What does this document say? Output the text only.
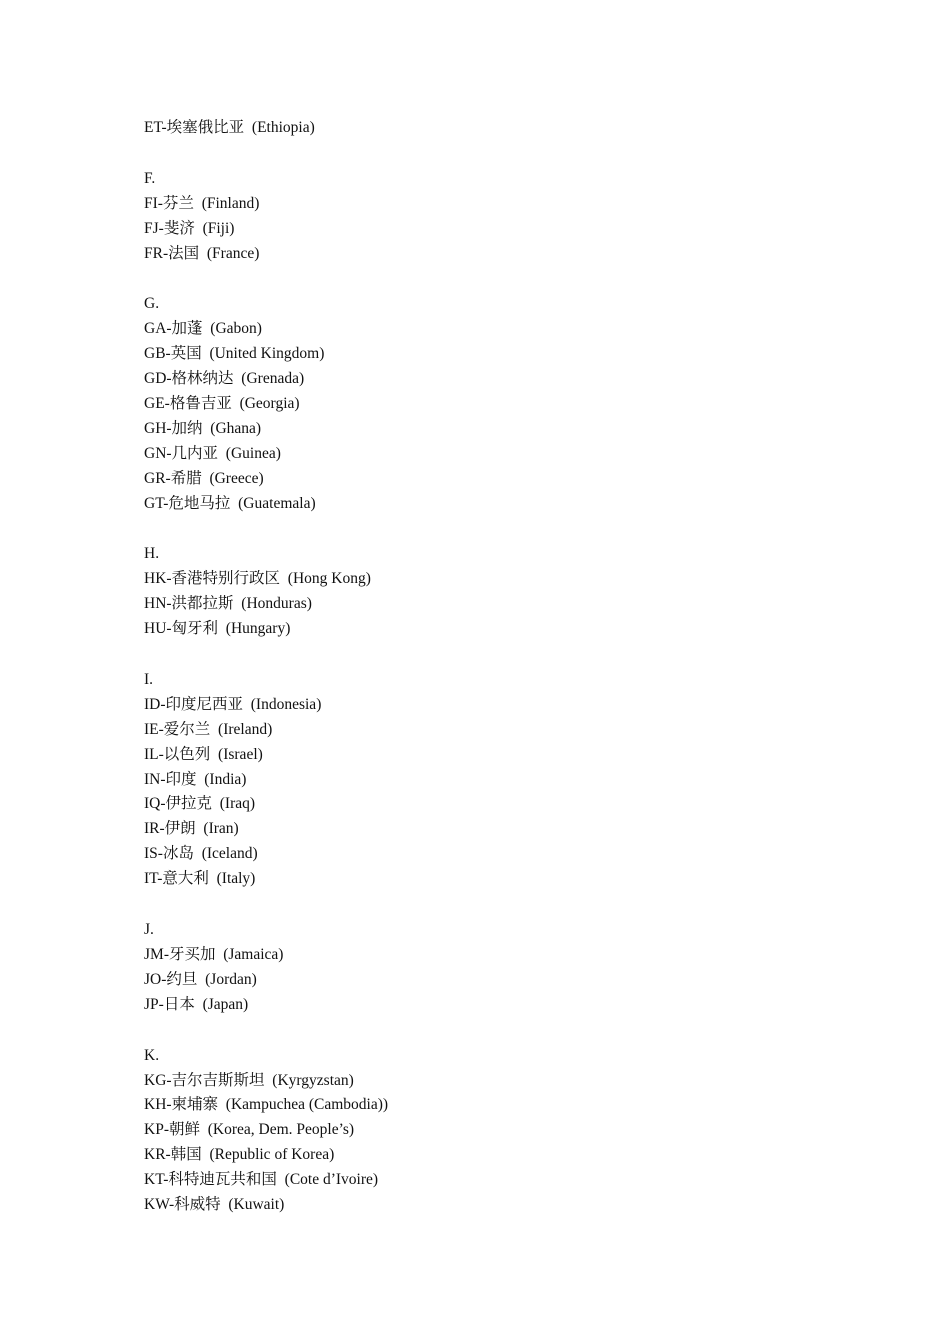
ET-埃塞俄比亚  (Ethiopia)
F.
FI-芬兰  (Finland)
FJ-斐济  (Fiji)
FR-法国  (France)
G.
GA-加蓬  (Gabon)
GB-英国  (United Kingdom)
GD-格林纳达  (Grenada)
GE-格鲁吉亚  (Georgia)
GH-加纳  (Ghana)
GN-几内亚  (Guinea)
GR-希腊  (Greece)
GT-危地马拉  (Guatemala)
H.
HK-香港特别行政区  (Hong Kong)
HN-洪都拉斯  (Honduras)
HU-匈牙利  (Hungary)
I.
ID-印度尼西亚  (Indonesia)
IE-爱尔兰  (Ireland)
IL-以色列  (Israel)
IN-印度  (India)
IQ-伊拉克  (Iraq)
IR-伊朗  (Iran)
IS-冰岛  (Iceland)
IT-意大利  (Italy)
J.
JM-牙买加  (Jamaica)
JO-约旦  (Jordan)
JP-日本  (Japan)
K.
KG-吉尔吉斯斯坦  (Kyrgyzstan)
KH-柬埔寨  (Kampuchea (Cambodia))
KP-朝鲜  (Korea, Dem. People’s)
KR-韩国  (Republic of Korea)
KT-科特迪瓦共和国  (Cote d’Ivoire)
KW-科威特  (Kuwait)
